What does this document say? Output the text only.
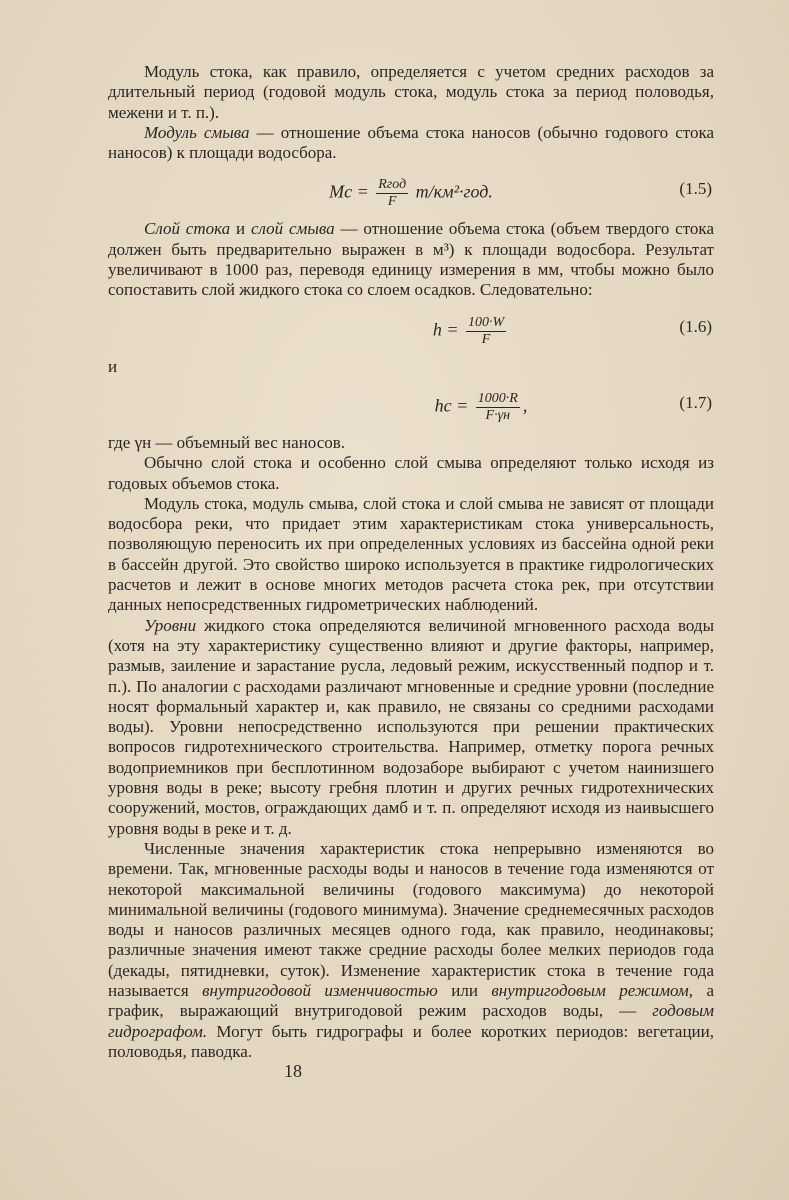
Модуль стока, как правило, определяется с учетом средних расходов за длительный период (годовой модуль стока, модуль стока за период половодья, межени и т. п.).

Модуль смыва — отношение объема стока наносов (обычно годового стока наносов) к площади водосбора.

Mс = $\frac{\text{Rгод}}{F} т/км^2\cdot год$.	(1.5)

Слой стока и слой смыва — отношение объема стока (объем твердого стока должен быть предварительно выражен в м³) к площади водосбора. Результат увеличивают в 1000 раз, переводя единицу измерения в мм, чтобы можно было сопоставить слой жидкого стока со слоем осадков. Следовательно:

$h = \frac{100\cdot W}{F}$	(1.6)

и

hс = $\frac{1000\cdot R}{F\cdot\gamma н}$ ,	(1.7)

где γн — объемный вес наносов.

Обычно слой стока и особенно слой смыва определяют только исходя из годовых объемов стока.

Модуль стока, модуль смыва, слой стока и слой смыва не зависят от площади водосбора реки, что придает этим характеристикам стока универсальность, позволяющую переносить их при определенных условиях из бассейна одной реки в бассейн другой. Это свойство широко используется в практике гидрологических расчетов и лежит в основе многих методов расчета стока рек, при отсутствии данных непосредственных гидрометрических наблюдений.

Уровни жидкого стока определяются величиной мгновенного расхода воды (хотя на эту характеристику существенно влияют и другие факторы, например, размыв, заиление и зарастание русла, ледовый режим, искусственный подпор и т. п.). По аналогии с расходами различают мгновенные и средние уровни (последние носят формальный характер и, как правило, не связаны со средними расходами воды). Уровни непосредственно используются при решении практических вопросов гидротехнического строительства. Например, отметку порога речных водоприемников при бесплотинном водозаборе выбирают с учетом наинизшего уровня воды в реке; высоту гребня плотин и других речных гидротехнических сооружений, мостов, ограждающих дамб и т. п. определяют исходя из наивысшего уровня воды в реке и т. д.

Численные значения характеристик стока непрерывно изменяются во времени. Так, мгновенные расходы воды и наносов в течение года изменяются от некоторой максимальной величины (годового максимума) до некоторой минимальной величины (годового минимума). Значение среднемесячных расходов воды и наносов различных месяцев одного года, как правило, неодинаковы; различные значения имеют также средние расходы более мелких периодов года (декады, пятидневки, суток). Изменение характеристик стока в течение года называется внутригодовой изменчивостью или внутригодовым режимом, а график, выражающий внутригодовой режим расходов воды, — годовым гидрографом. Могут быть гидрографы и более коротких периодов: вегетации, половодья, паводка.

18
